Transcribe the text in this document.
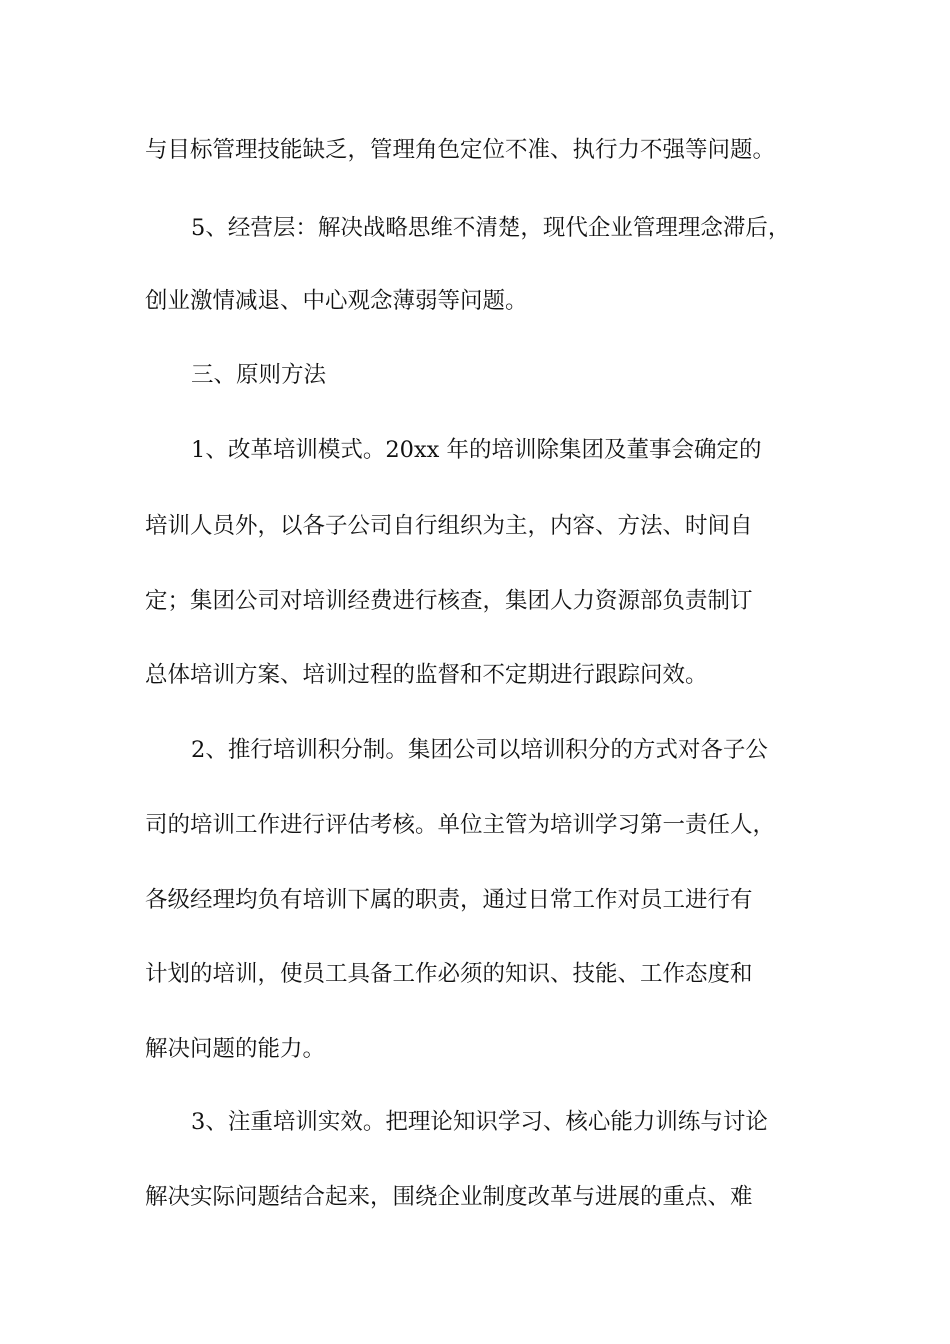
与目标管理技能缺乏，管理角色定位不准、执行力不强等问题。
5、经营层：解决战略思维不清楚，现代企业管理理念滞后，
创业激情减退、中心观念薄弱等问题。
三、原则方法
1、改革培训模式。20xx 年的培训除集团及董事会确定的
培训人员外，以各子公司自行组织为主，内容、方法、时间自
定；集团公司对培训经费进行核查，集团人力资源部负责制订
总体培训方案、培训过程的监督和不定期进行跟踪问效。
2、推行培训积分制。集团公司以培训积分的方式对各子公
司的培训工作进行评估考核。单位主管为培训学习第一责任人，
各级经理均负有培训下属的职责，通过日常工作对员工进行有
计划的培训，使员工具备工作必须的知识、技能、工作态度和
解决问题的能力。
3、注重培训实效。把理论知识学习、核心能力训练与讨论
解决实际问题结合起来，围绕企业制度改革与进展的重点、难
